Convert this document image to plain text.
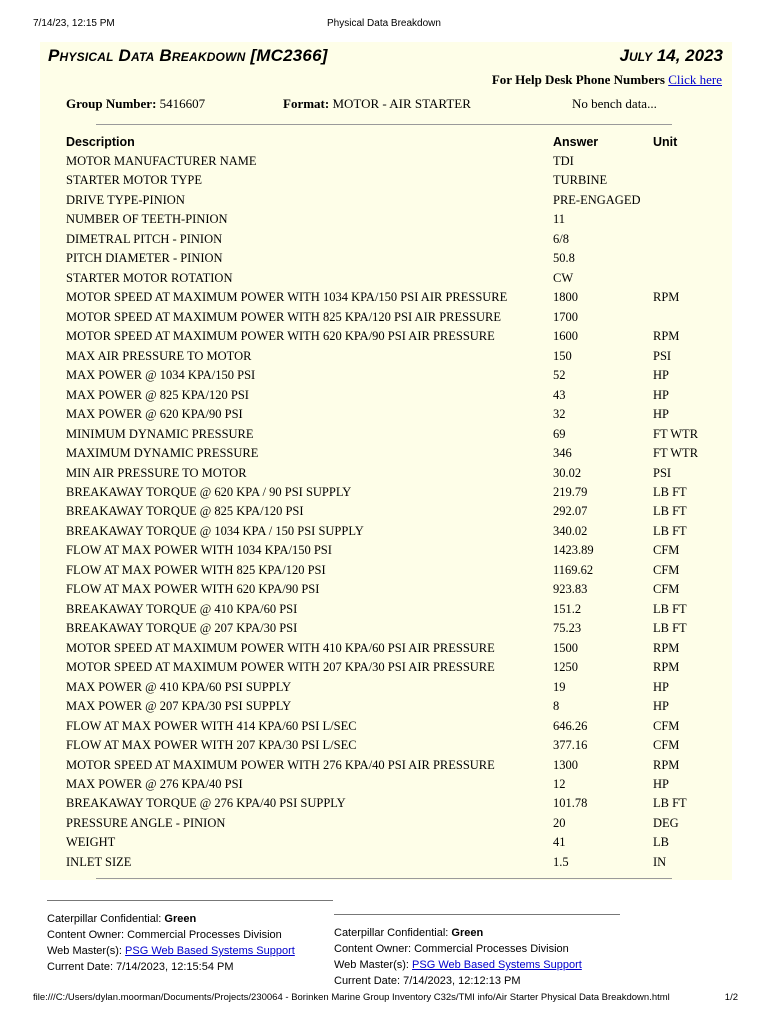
7/14/23, 12:15 PM	Physical Data Breakdown
Physical Data Breakdown [MC2366]	July 14, 2023
For Help Desk Phone Numbers Click here
Group Number: 5416607	Format: MOTOR - AIR STARTER	No bench data...
Description	Answer	Unit
MOTOR MANUFACTURER NAME	TDI
STARTER MOTOR TYPE	TURBINE
DRIVE TYPE-PINION	PRE-ENGAGED
NUMBER OF TEETH-PINION	11
DIMETRAL PITCH - PINION	6/8
PITCH DIAMETER - PINION	50.8
STARTER MOTOR ROTATION	CW
MOTOR SPEED AT MAXIMUM POWER WITH 1034 KPA/150 PSI AIR PRESSURE	1800	RPM
MOTOR SPEED AT MAXIMUM POWER WITH 825 KPA/120 PSI AIR PRESSURE	1700
MOTOR SPEED AT MAXIMUM POWER WITH 620 KPA/90 PSI AIR PRESSURE	1600	RPM
MAX AIR PRESSURE TO MOTOR	150	PSI
MAX POWER @ 1034 KPA/150 PSI	52	HP
MAX POWER @ 825 KPA/120 PSI	43	HP
MAX POWER @ 620 KPA/90 PSI	32	HP
MINIMUM DYNAMIC PRESSURE	69	FT WTR
MAXIMUM DYNAMIC PRESSURE	346	FT WTR
MIN AIR PRESSURE TO MOTOR	30.02	PSI
BREAKAWAY TORQUE @ 620 KPA / 90 PSI SUPPLY	219.79	LB FT
BREAKAWAY TORQUE @ 825 KPA/120 PSI	292.07	LB FT
BREAKAWAY TORQUE @ 1034 KPA / 150 PSI SUPPLY	340.02	LB FT
FLOW AT MAX POWER WITH 1034 KPA/150 PSI	1423.89	CFM
FLOW AT MAX POWER WITH 825 KPA/120 PSI	1169.62	CFM
FLOW AT MAX POWER WITH 620 KPA/90 PSI	923.83	CFM
BREAKAWAY TORQUE @ 410 KPA/60 PSI	151.2	LB FT
BREAKAWAY TORQUE @ 207 KPA/30 PSI	75.23	LB FT
MOTOR SPEED AT MAXIMUM POWER WITH 410 KPA/60 PSI AIR PRESSURE	1500	RPM
MOTOR SPEED AT MAXIMUM POWER WITH 207 KPA/30 PSI AIR PRESSURE	1250	RPM
MAX POWER @ 410 KPA/60 PSI SUPPLY	19	HP
MAX POWER @ 207 KPA/30 PSI SUPPLY	8	HP
FLOW AT MAX POWER WITH 414 KPA/60 PSI L/SEC	646.26	CFM
FLOW AT MAX POWER WITH 207 KPA/30 PSI L/SEC	377.16	CFM
MOTOR SPEED AT MAXIMUM POWER WITH 276 KPA/40 PSI AIR PRESSURE	1300	RPM
MAX POWER @ 276 KPA/40 PSI	12	HP
BREAKAWAY TORQUE @ 276 KPA/40 PSI SUPPLY	101.78	LB FT
PRESSURE ANGLE - PINION	20	DEG
WEIGHT	41	LB
INLET SIZE	1.5	IN
Caterpillar Confidential: Green
Content Owner: Commercial Processes Division
Web Master(s): PSG Web Based Systems Support
Current Date: 7/14/2023, 12:15:54 PM
Caterpillar Confidential: Green
Content Owner: Commercial Processes Division
Web Master(s): PSG Web Based Systems Support
Current Date: 7/14/2023, 12:12:13 PM
file:///C:/Users/dylan.moorman/Documents/Projects/230064 - Borinken Marine Group Inventory C32s/TMI info/Air Starter Physical Data Breakdown.html	1/2
